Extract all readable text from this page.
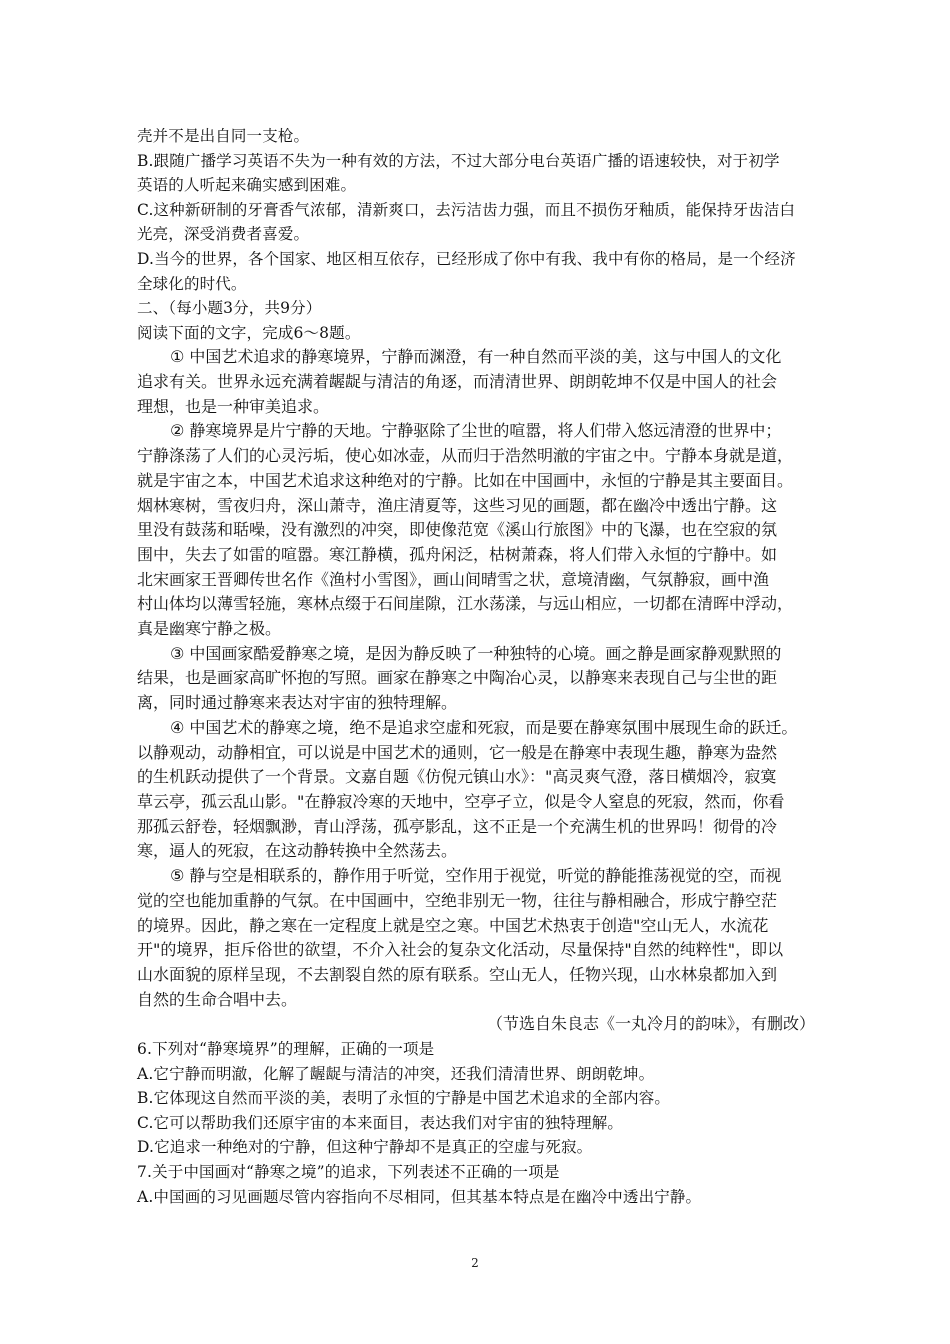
壳并不是出自同一支枪。
B.跟随广播学习英语不失为一种有效的方法，不过大部分电台英语广播的语速较快，对于初学
英语的人听起来确实感到困难。
C.这种新研制的牙膏香气浓郁，清新爽口，去污洁齿力强，而且不损伤牙釉质，能保持牙齿洁白
光亮，深受消费者喜爱。
D.当今的世界，各个国家、地区相互依存，已经形成了你中有我、我中有你的格局，是一个经济
全球化的时代。
二、（每小题3分，共9分）
阅读下面的文字，完成6～8题。
① 中国艺术追求的静寒境界，宁静而渊澄，有一种自然而平淡的美，这与中国人的文化
追求有关。世界永远充满着龌龊与清洁的角逐，而清清世界、朗朗乾坤不仅是中国人的社会
理想，也是一种审美追求。
② 静寒境界是片宁静的天地。宁静驱除了尘世的喧嚣，将人们带入悠远清澄的世界中；
宁静涤荡了人们的心灵污垢，使心如冰壶，从而归于浩然明澈的宇宙之中。宁静本身就是道，
就是宇宙之本，中国艺术追求这种绝对的宁静。比如在中国画中，永恒的宁静是其主要面目。
烟林寒树，雪夜归舟，深山萧寺，渔庄清夏等，这些习见的画题，都在幽冷中透出宁静。这
里没有鼓荡和聒噪，没有激烈的冲突，即使像范宽《溪山行旅图》中的飞瀑，也在空寂的氛
围中，失去了如雷的喧嚣。寒江静横，孤舟闲泛，枯树萧森，将人们带入永恒的宁静中。如
北宋画家王晋卿传世名作《渔村小雪图》，画山间晴雪之状，意境清幽，气氛静寂，画中渔
村山体均以薄雪轻施，寒林点缀于石间崖隙，江水荡漾，与远山相应，一切都在清晖中浮动，
真是幽寒宁静之极。
③ 中国画家酷爱静寒之境，是因为静反映了一种独特的心境。画之静是画家静观默照的
结果，也是画家高旷怀抱的写照。画家在静寒之中陶冶心灵，以静寒来表现自己与尘世的距
离，同时通过静寒来表达对宇宙的独特理解。
④ 中国艺术的静寒之境，绝不是追求空虚和死寂，而是要在静寒氛围中展现生命的跃迁。
以静观动，动静相宜，可以说是中国艺术的通则，它一般是在静寒中表现生趣，静寒为盎然
的生机跃动提供了一个背景。文嘉自题《仿倪元镇山水》："高灵爽气澄，落日横烟冷，寂寞
草云亭，孤云乱山影。"在静寂冷寒的天地中，空亭孑立，似是令人窒息的死寂，然而，你看
那孤云舒卷，轻烟飘渺，青山浮荡，孤亭影乱，这不正是一个充满生机的世界吗！彻骨的冷
寒，逼人的死寂，在这动静转换中全然荡去。
⑤ 静与空是相联系的，静作用于听觉，空作用于视觉，听觉的静能推荡视觉的空，而视
觉的空也能加重静的气氛。在中国画中，空绝非别无一物，往往与静相融合，形成宁静空茫
的境界。因此，静之寒在一定程度上就是空之寒。中国艺术热衷于创造"空山无人，水流花
开"的境界，拒斥俗世的欲望，不介入社会的复杂文化活动，尽量保持"自然的纯粹性"，即以
山水面貌的原样呈现，不去割裂自然的原有联系。空山无人，任物兴现，山水林泉都加入到
自然的生命合唱中去。
（节选自朱良志《一丸冷月的韵味》，有删改）
6.下列对“静寒境界”的理解，正确的一项是
A.它宁静而明澈，化解了龌龊与清洁的冲突，还我们清清世界、朗朗乾坤。
B.它体现这自然而平淡的美，表明了永恒的宁静是中国艺术追求的全部内容。
C.它可以帮助我们还原宇宙的本来面目，表达我们对宇宙的独特理解。
D.它追求一种绝对的宁静，但这种宁静却不是真正的空虚与死寂。
7.关于中国画对“静寒之境”的追求，下列表述不正确的一项是
A.中国画的习见画题尽管内容指向不尽相同，但其基本特点是在幽冷中透出宁静。
2
